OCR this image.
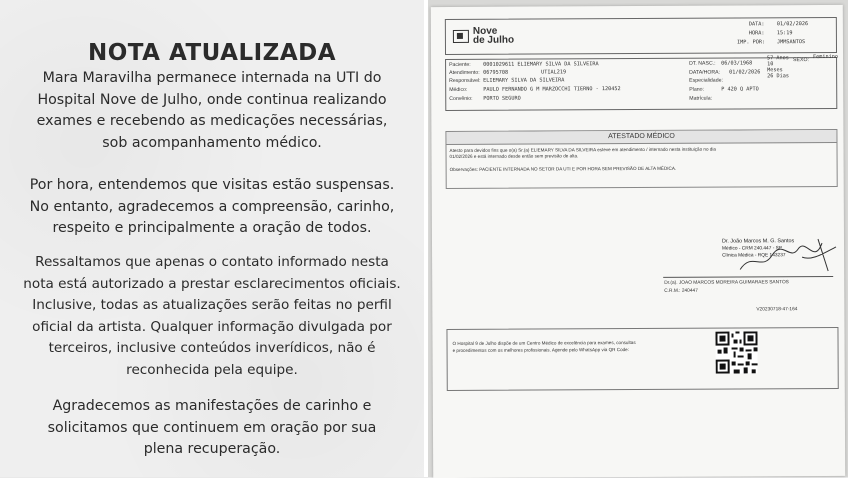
NOTA ATUALIZADA
Mara Maravilha permanece internada na UTI do
Hospital Nove de Julho, onde continua realizando
exames e recebendo as medicações necessárias,
sob acompanhamento médico.
Por hora, entendemos que visitas estão suspensas.
No entanto, agradecemos a compreensão, carinho,
respeito e principalmente a oração de todos.
Ressaltamos que apenas o contato informado nesta
nota está autorizado a prestar esclarecimentos oficiais.
Inclusive, todas as atualizações serão feitas no perfil
oficial da artista. Qualquer informação divulgada por
terceiros, inclusive conteúdos inverídicos, não é
reconhecida pela equipe.
Agradecemos as manifestações de carinho e
solicitamos que continuem em oração por sua
plena recuperação.
Nove
de Julho
DATA: 01/02/2026
HORA: 15:19
IMP. POR: JMMSANTOS
Paciente: 0001029611 ELIEMARY SILVA DA SILVEIRA
Atendimento: 06795708	UTIAL219
Responsável: ELIEMARY SILVA DA SILVEIRA
Médico:	PAULO FERNANDO G M MARZOCCHI TIERNO - 120452
Convênio: PORTO SEGURO
DT. NASC.: 06/03/1968
57 Anos 10 Meses 26 Dias
SEXO:
Feminino
DATA/HORA: 01/02/2026
Especialidade:
Plano:	P 420 Q APTO
Matrícula:
ATESTADO MÉDICO
Atesto para devidos fins que o(a) Sr.(a) ELIEMARY SILVA DA SILVEIRA esteve em atendimento / internado nesta instituição no dia
01/02/2026 e está internado desde então sem previsão de alta.
Observações: PACIENTE INTERNADA NO SETOR DA UTI E POR HORA SEM PREVISÃO DE ALTA MÉDICA.
Dr. João Marcos M. G. Santos
Médico - CRM 240.447 - SP
Clínica Médica - RQE 143237
Dr.(a). JOAO MARCOS MOREIRA GUIMARAES SANTOS
C.R.M.: 240447
V20230718-47-164
O Hospital 9 de Julho dispõe de um Centro Médico de excelência para exames, consultas
e procedimentos com os melhores profissionais. Agende pelo WhatsApp via QR Code:
